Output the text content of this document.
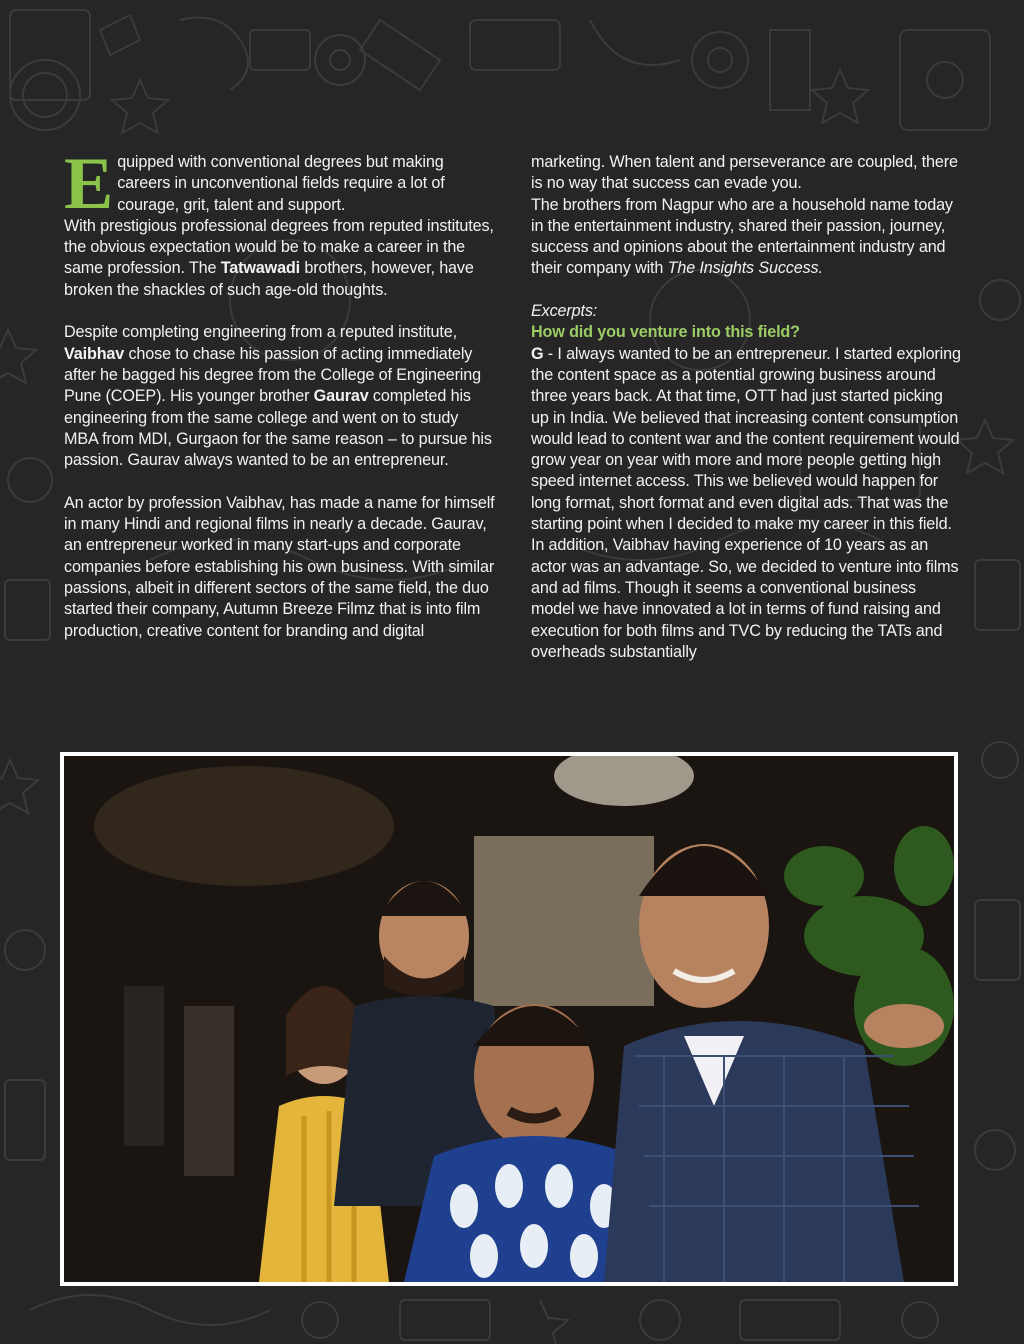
Equipped with conventional degrees but making careers in unconventional fields require a lot of courage, grit, talent and support.

With prestigious professional degrees from reputed institutes, the obvious expectation would be to make a career in the same profession. The Tatwawadi brothers, however, have broken the shackles of such age-old thoughts.

Despite completing engineering from a reputed institute, Vaibhav chose to chase his passion of acting immediately after he bagged his degree from the College of Engineering Pune (COEP). His younger brother Gaurav completed his engineering from the same college and went on to study MBA from MDI, Gurgaon for the same reason – to pursue his passion. Gaurav always wanted to be an entrepreneur.

An actor by profession Vaibhav, has made a name for himself in many Hindi and regional films in nearly a decade. Gaurav, an entrepreneur worked in many start-ups and corporate companies before establishing his own business. With similar passions, albeit in different sectors of the same field, the duo started their company, Autumn Breeze Filmz that is into film production, creative content for branding and digital

marketing. When talent and perseverance are coupled, there is no way that success can evade you.

The brothers from Nagpur who are a household name today in the entertainment industry, shared their passion, journey, success and opinions about the entertainment industry and their company with The Insights Success.

Excerpts:

How did you venture into this field?

G - I always wanted to be an entrepreneur. I started exploring the content space as a potential growing business around three years back. At that time, OTT had just started picking up in India. We believed that increasing content consumption would lead to content war and the content requirement would grow year on year with more and more people getting high speed internet access. This we believed would happen for long format, short format and even digital ads. That was the starting point when I decided to make my career in this field. In addition, Vaibhav having experience of 10 years as an actor was an advantage. So, we decided to venture into films and ad films. Though it seems a conventional business model we have innovated a lot in terms of fund raising and execution for both films and TVC by reducing the TATs and overheads substantially
